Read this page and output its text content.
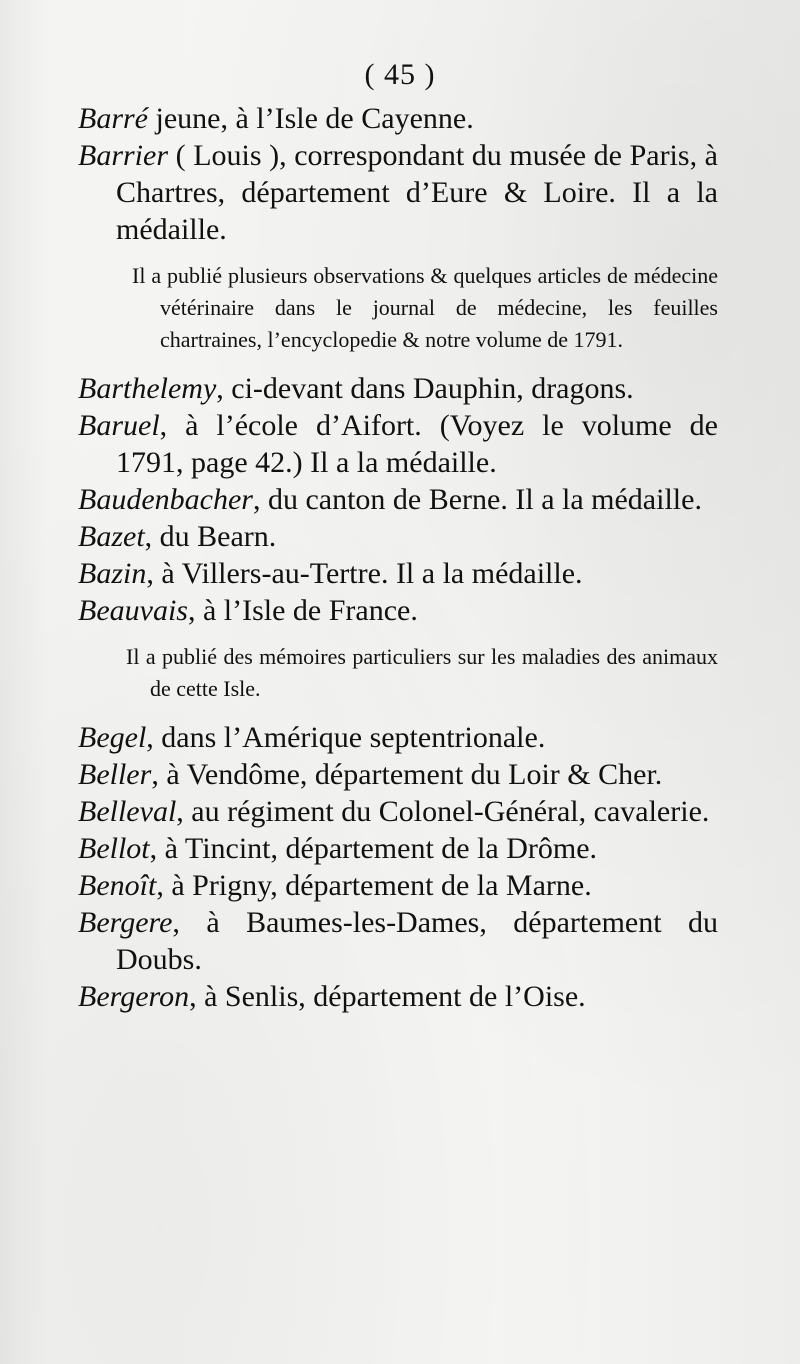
( 45 )

Barré jeune, à l’Isle de Cayenne.

Barrier ( Louis ), correspondant du musée de Paris, à Chartres, département d’Eure & Loire. Il a la médaille.

Il a publié plusieurs observations & quelques articles de médecine vétérinaire dans le journal de médecine, les feuilles chartraines, l’encyclopedie & notre volume de 1791.

Barthelemy, ci-devant dans Dauphin, dragons.

Baruel, à l’école d’Aifort. (Voyez le volume de 1791, page 42.) Il a la médaille.

Baudenbacher, du canton de Berne. Il a la médaille.

Bazet, du Bearn.

Bazin, à Villers-au-Tertre. Il a la médaille.

Beauvais, à l’Isle de France.

Il a publié des mémoires particuliers sur les maladies des animaux de cette Isle.

Begel, dans l’Amérique septentrionale.

Beller, à Vendôme, département du Loir & Cher.

Belleval, au régiment du Colonel-Général, cavalerie.

Bellot, à Tincint, département de la Drôme.

Benoît, à Prigny, département de la Marne.

Bergere, à Baumes-les-Dames, département du Doubs.

Bergeron, à Senlis, département de l’Oise.
